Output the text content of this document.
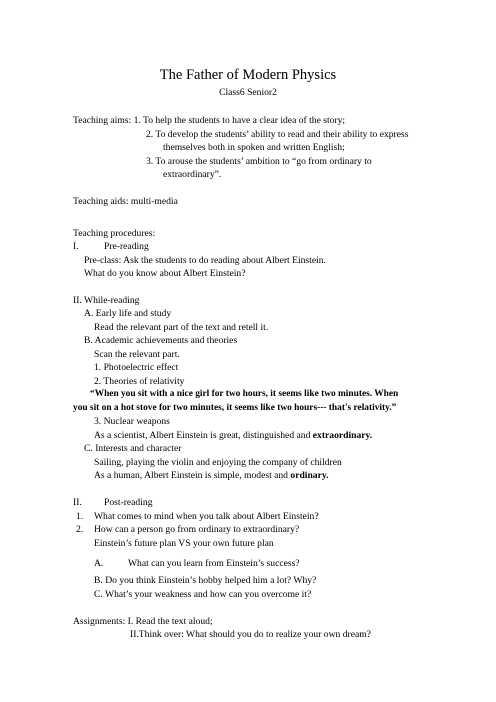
The Father of Modern Physics
Class6 Senior2
Teaching aims: 1. To help the students to have a clear idea of the story;
2. To develop the students’ ability to read and their ability to express
themselves both in spoken and written English;
3. To arouse the students’ ambition to “go from ordinary to
extraordinary”.
Teaching aids: multi-media
Teaching procedures:
I.	Pre-reading
Pre-class: Ask the students to do reading about Albert Einstein.
What do you know about Albert Einstein?
II. While-reading
A. Early life and study
Read the relevant part of the text and retell it.
B. Academic achievements and theories
Scan the relevant part.
1. Photoelectric effect
2. Theories of relativity
“When you sit with a nice girl for two hours, it seems like two minutes. When
you sit on a hot stove for two minutes, it seems like two hours--- that's relativity.”
3. Nuclear weapons
As a scientist, Albert Einstein is great, distinguished and extraordinary.
C. Interests and character
Sailing, playing the violin and enjoying the company of children
As a human, Albert Einstein is simple, modest and ordinary.
II. Post-reading
1. What comes to mind when you talk about Albert Einstein?
2. How can a person go from ordinary to extraordinary?
Einstein’s future plan VS your own future plan
A.	What can you learn from Einstein’s success?
B. Do you think Einstein’s hobby helped him a lot? Why?
C. What’s your weakness and how can you overcome it?
Assignments: I. Read the text aloud;
II.Think over: What should you do to realize your own dream?
